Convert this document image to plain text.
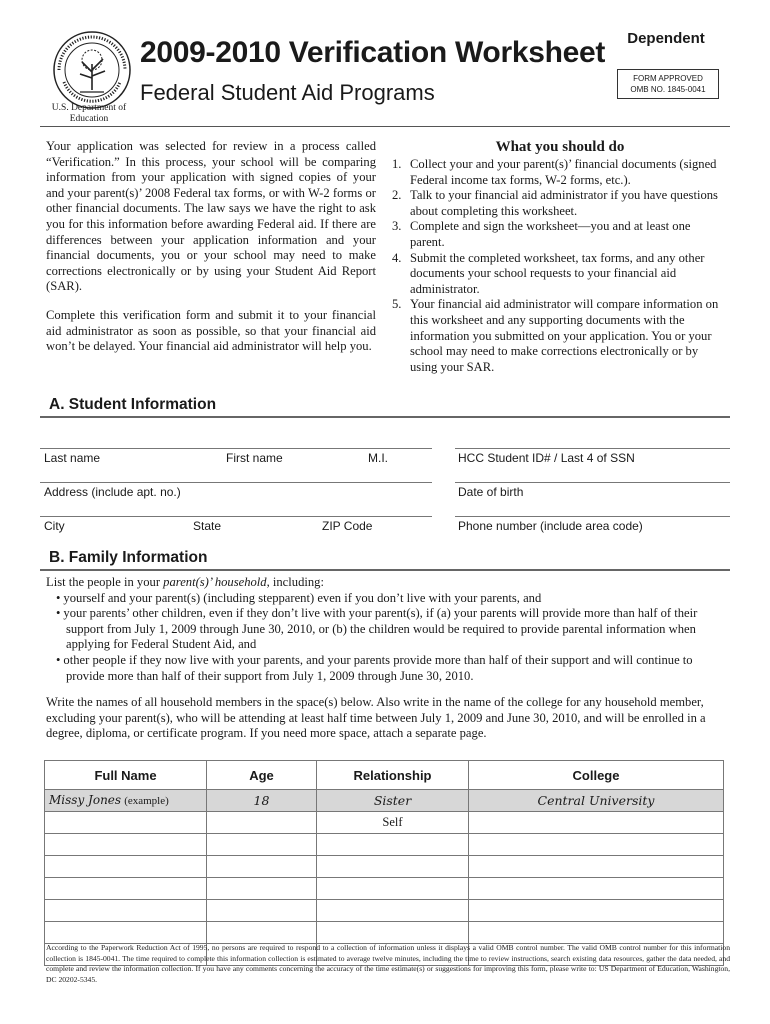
U.S. Department of Education
2009-2010 Verification Worksheet
Federal Student Aid Programs
Dependent
FORM APPROVED
OMB NO. 1845-0041

Your application was selected for review in a process called “Verification.” In this process, your school will be comparing information from your application with signed copies of your and your parent(s)’ 2008 Federal tax forms, or with W-2 forms or other financial documents. The law says we have the right to ask you for this information before awarding Federal aid. If there are differences between your application information and your financial documents, you or your school may need to make corrections electronically or by using your Student Aid Report (SAR).

Complete this verification form and submit it to your financial aid administrator as soon as possible, so that your financial aid won’t be delayed. Your financial aid administrator will help you.

What you should do
1. Collect your and your parent(s)’ financial documents (signed Federal income tax forms, W-2 forms, etc.).
2. Talk to your financial aid administrator if you have questions about completing this worksheet.
3. Complete and sign the worksheet—you and at least one parent.
4. Submit the completed worksheet, tax forms, and any other documents your school requests to your financial aid administrator.
5. Your financial aid administrator will compare information on this worksheet and any supporting documents with the information you submitted on your application. You or your school may need to make corrections electronically or by using your SAR.
A. Student Information
Last name	First name	M.I.	HCC Student ID# / Last 4 of SSN
Address (include apt. no.)	Date of birth
City	State	ZIP Code	Phone number (include area code)
B. Family Information
List the people in your parent(s)’ household, including:
• yourself and your parent(s) (including stepparent) even if you don’t live with your parents, and
• your parents’ other children, even if they don’t live with your parent(s), if (a) your parents will provide more than half of their support from July 1, 2009 through June 30, 2010, or (b) the children would be required to provide parental information when applying for Federal Student Aid, and
• other people if they now live with your parents, and your parents provide more than half of their support and will continue to provide more than half of their support from July 1, 2009 through June 30, 2010.
Write the names of all household members in the space(s) below. Also write in the name of the college for any household member, excluding your parent(s), who will be attending at least half time between July 1, 2009 and June 30, 2010, and will be enrolled in a degree, diploma, or certificate program. If you need more space, attach a separate page.
Full Name	Age	Relationship	College
Missy Jones (example)	18	Sister	Central University
		Self	

According to the Paperwork Reduction Act of 1995, no persons are required to respond to a collection of information unless it displays a valid OMB control number. The valid OMB control number for this information collection is 1845-0041. The time required to complete this information collection is estimated to average twelve minutes, including the time to review instructions, search existing data resources, gather the data needed, and complete and review the information collection. If you have any comments concerning the accuracy of the time estimate(s) or suggestions for improving this form, please write to: US Department of Education, Washington, DC 20202-5345.
